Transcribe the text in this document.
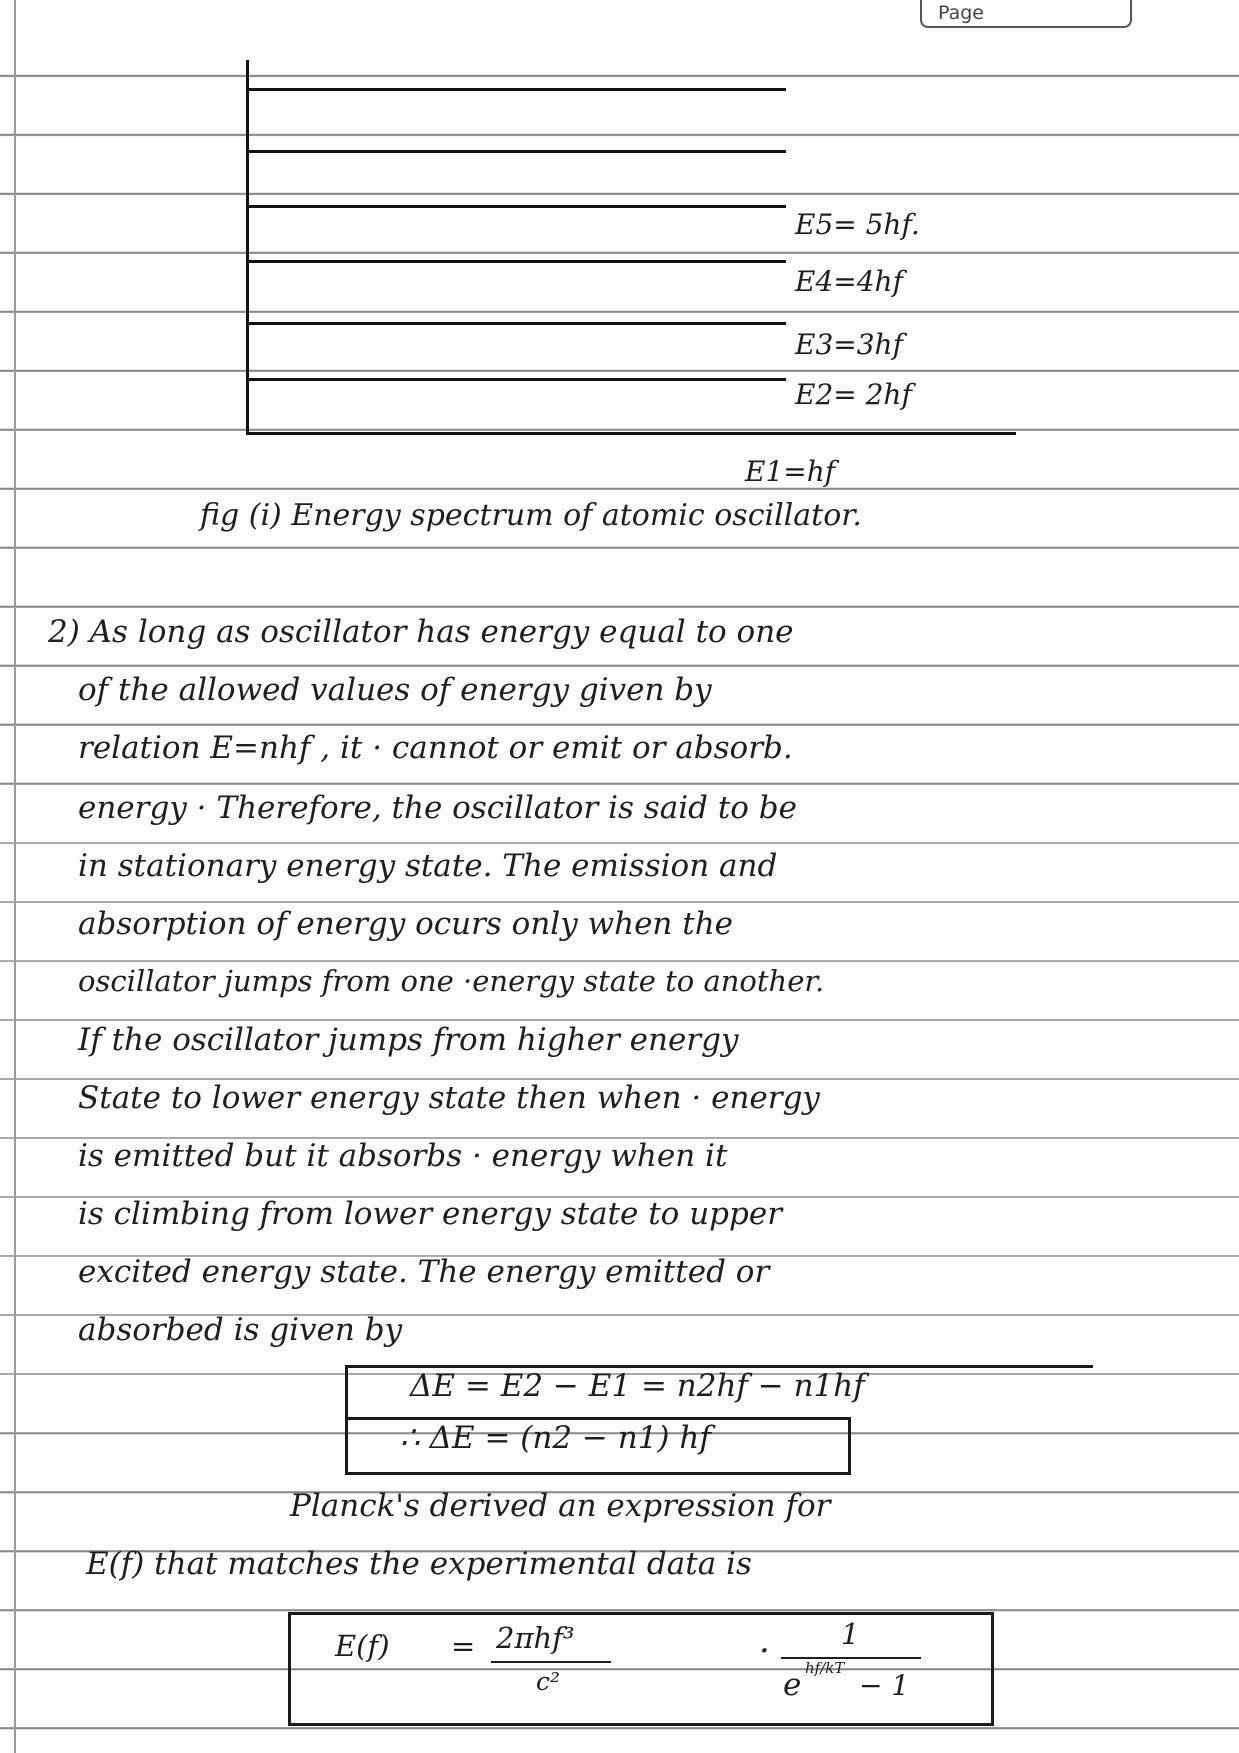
Page
E5= 5hf.
E4=4hf
E3=3hf
E2= 2hf
E1=hf
fig (i) Energy spectrum of atomic oscillator.
2) As long as oscillator has energy equal to one
of the allowed values of energy given by
relation E=nhf , it · cannot or emit or absorb.
energy · Therefore, the oscillator is said to be
in stationary energy state. The emission and
absorption of energy ocurs only when the
oscillator jumps from one ·energy state to another.
If the oscillator jumps from higher energy
State to lower energy state then when · energy
is emitted but it absorbs · energy when it
is climbing from lower energy state to upper
excited energy state. The energy emitted or
absorbed is given by
ΔE = E2 − E1 = n2hf − n1hf
∴ ΔE = (n2 − n1) hf
Planck's derived an expression for
E(f) that matches the experimental data is
E(f) = 2πhf³
c²
· 1
e hf/kT
− 1
